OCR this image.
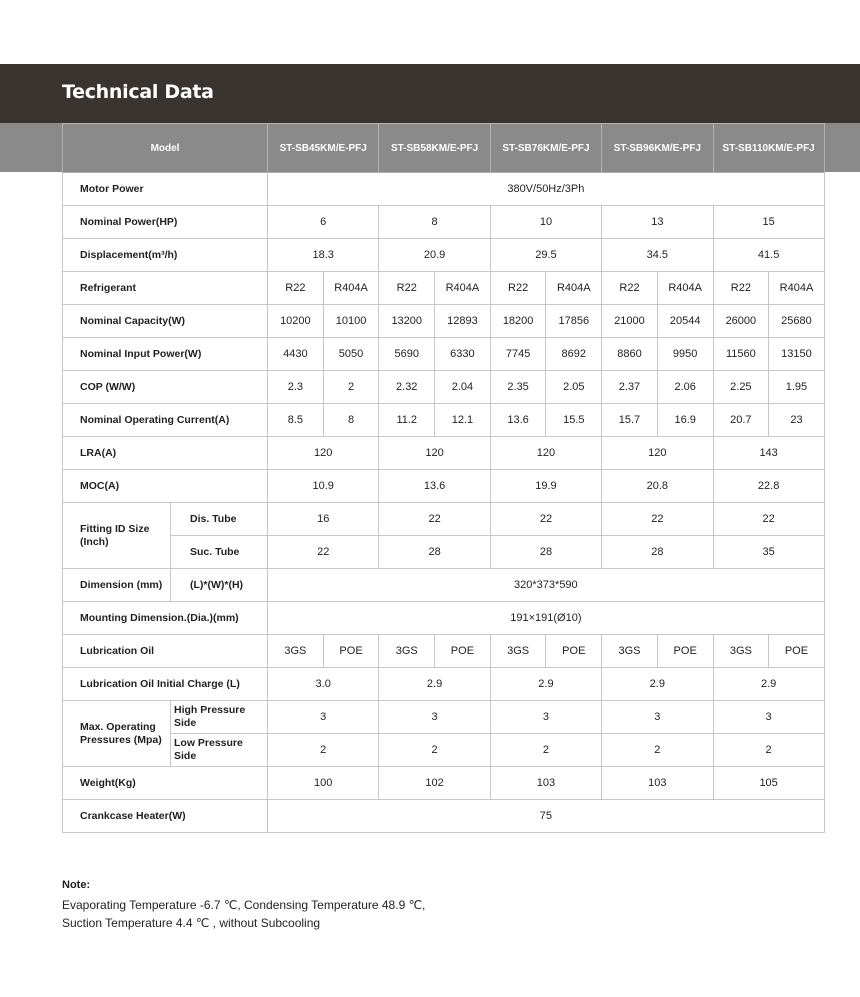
Technical Data
Model		ST-SB45KM/E-PFJ		ST-SB58KM/E-PFJ		ST-SB76KM/E-PFJ		ST-SB96KM/E-PFJ		ST-SB110KM/E-PFJ	
Motor Power		380V/50Hz/3Ph									
Nominal Power(HP)		6		8		10		13		15	
Displacement(m³/h)		18.3		20.9		29.5		34.5		41.5	
Refrigerant		R22	R404A	R22	R404A	R22	R404A	R22	R404A	R22	R404A
Nominal Capacity(W)		10200	10100	13200	12893	18200	17856	21000	20544	26000	25680
Nominal Input Power(W)		4430	5050	5690	6330	7745	8692	8860	9950	11560	13150
COP (W/W)		2.3	2	2.32	2.04	2.35	2.05	2.37	2.06	2.25	1.95
Nominal Operating Current(A)		8.5	8	11.2	12.1	13.6	15.5	15.7	16.9	20.7	23
LRA(A)		120		120		120		120		143	
MOC(A)		10.9		13.6		19.9		20.8		22.8	
Fitting ID Size
(Inch)	Dis. Tube	16		22		22		22		22	
	Suc. Tube	22		28		28		28		35	
Dimension (mm)	(L)*(W)*(H)	320*373*590									
Mounting Dimension.(Dia.)(mm)		191×191(Ø10)									
Lubrication Oil		3GS	POE	3GS	POE	3GS	POE	3GS	POE	3GS	POE
Lubrication Oil Initial Charge (L)		3.0		2.9		2.9		2.9		2.9	
Max. Operating
Pressures (Mpa)	High Pressure Side	3		3		3		3		3	
	Low Pressure Side	2		2		2		2		2	
Weight(Kg)		100		102		103		103		105	
Crankcase Heater(W)		75									
Note:
Evaporating Temperature -6.7 ℃, Condensing Temperature 48.9 ℃,
Suction Temperature 4.4 ℃ , without Subcooling
